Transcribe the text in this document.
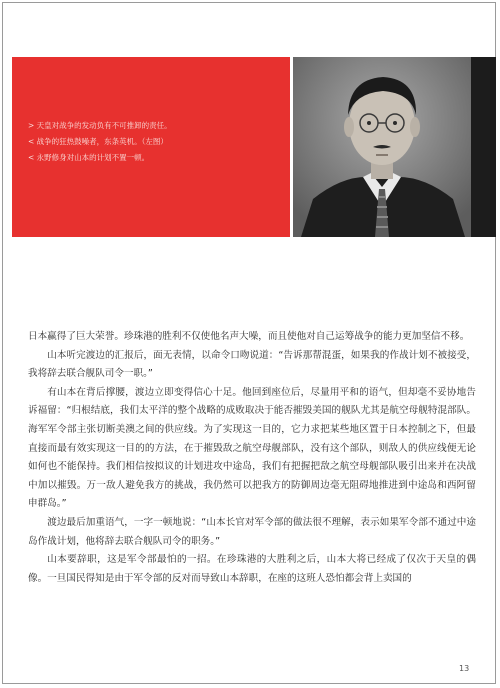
> 天皇对战争的发动负有不可推卸的责任。
< 战争的狂热鼓噪者，东条英机。（左图）
< 永野修身对山本的计划不置一顿。

日本赢得了巨大荣誉。珍珠港的胜利不仅使他名声大噪，而且使他对自己运筹战争的能力更加坚信不移。

山本听完渡边的汇报后，面无表情，以命令口吻说道：“告诉那帮混蛋，如果我的作战计划不被接受，我将辞去联合舰队司令一职。”

有山本在背后撑腰，渡边立即变得信心十足。他回到座位后，尽量用平和的语气，但却毫不妥协地告诉福留：“归根结底，我们太平洋的整个战略的成败取决于能否摧毁美国的舰队尤其是航空母舰特混部队。海军军令部主张切断美澳之间的供应线。为了实现这一目的，它力求把某些地区置于日本控制之下，但最直接而最有效实现这一目的的方法，在于摧毁敌之航空母舰部队，没有这个部队，则敌人的供应线便无论如何也不能保持。我们相信按拟议的计划进攻中途岛，我们有把握把敌之航空母舰部队吸引出来并在决战中加以摧毁。万一敌人避免我方的挑战，我仍然可以把我方的防御周边毫无阻碍地推进到中途岛和西阿留申群岛。”

渡边最后加重语气，一字一顿地说：“山本长官对军令部的做法很不理解，表示如果军令部不通过中途岛作战计划，他将辞去联合舰队司令的职务。”

山本要辞职，这是军令部最怕的一招。在珍珠港的大胜利之后，山本大将已经成了仅次于天皇的偶像。一旦国民得知是由于军令部的反对而导致山本辞职，在座的这班人恐怕都会背上卖国的

13
